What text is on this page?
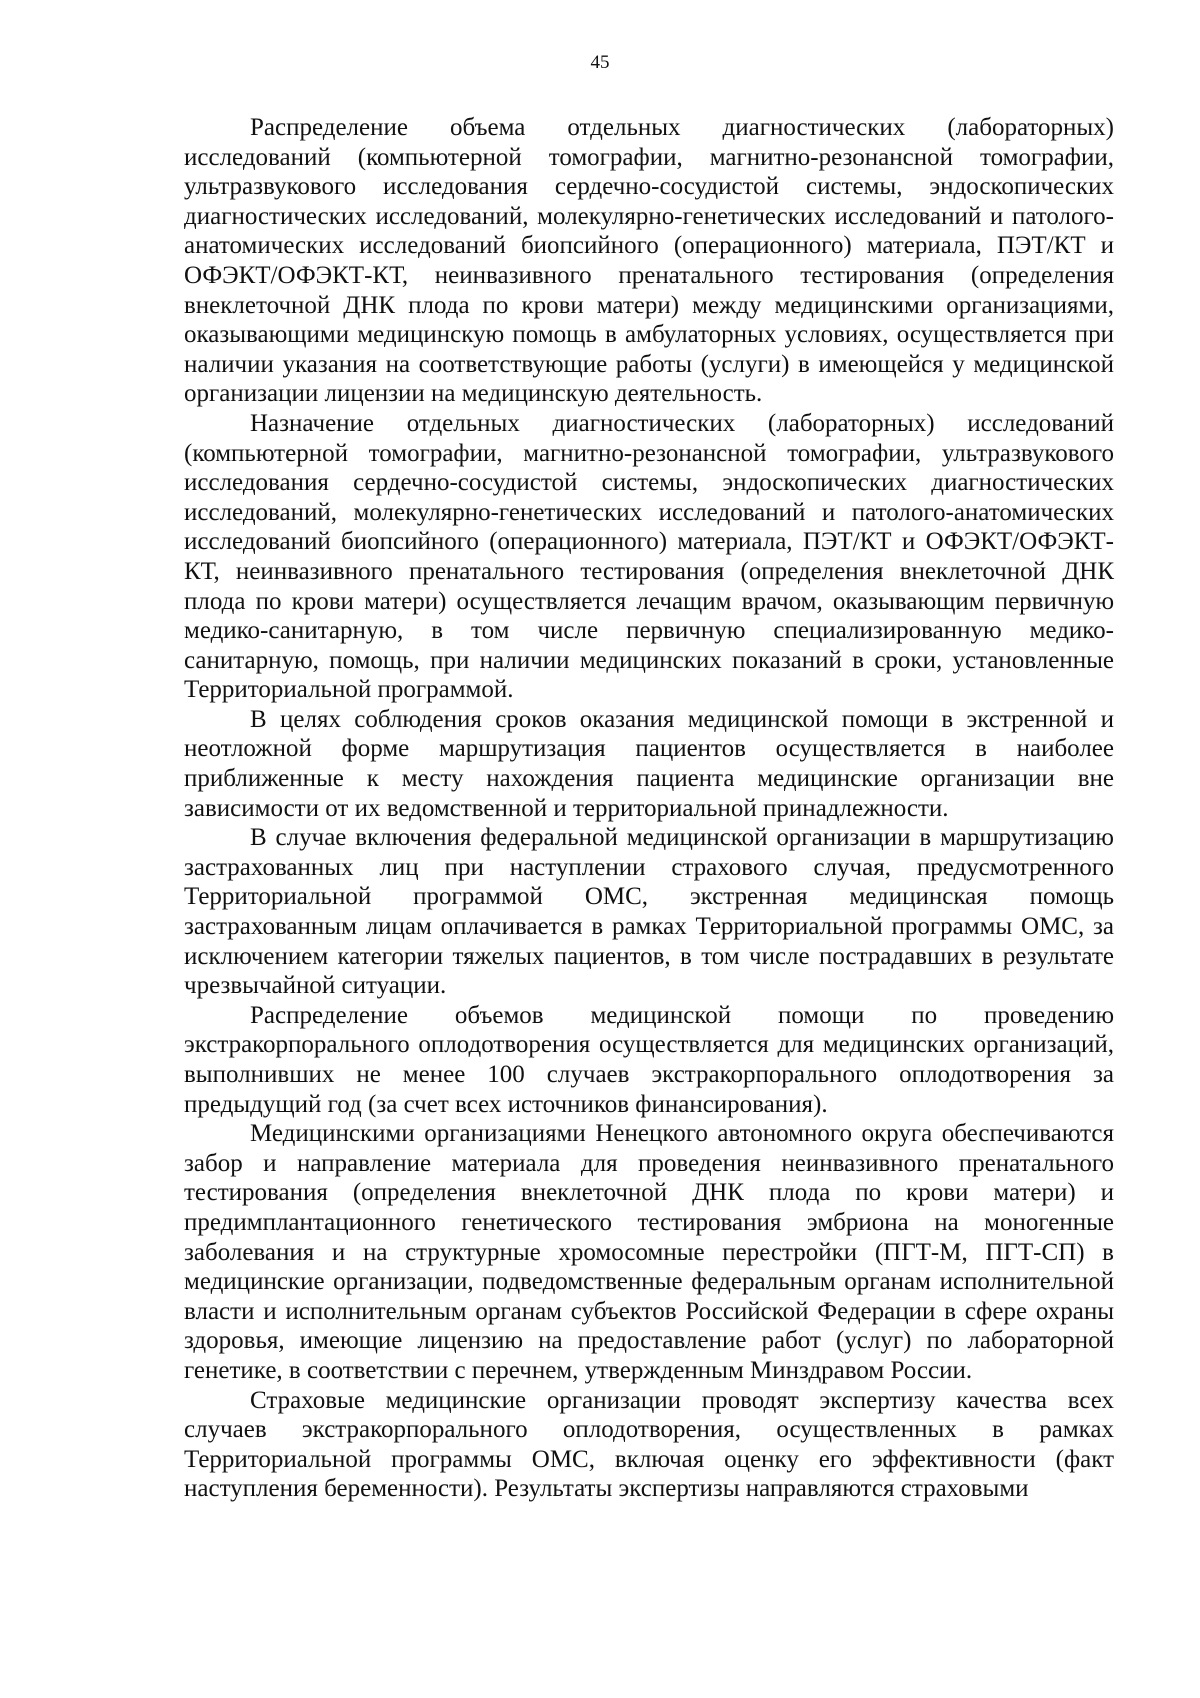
45

Распределение объема отдельных диагностических (лабораторных) исследований (компьютерной томографии, магнитно-резонансной томографии, ультразвукового исследования сердечно-сосудистой системы, эндоскопических диагностических исследований, молекулярно-генетических исследований и патолого-анатомических исследований биопсийного (операционного) материала, ПЭТ/КТ и ОФЭКТ/ОФЭКТ-КТ, неинвазивного пренатального тестирования (определения внеклеточной ДНК плода по крови матери) между медицинскими организациями, оказывающими медицинскую помощь в амбулаторных условиях, осуществляется при наличии указания на соответствующие работы (услуги) в имеющейся у медицинской организации лицензии на медицинскую деятельность.

Назначение отдельных диагностических (лабораторных) исследований (компьютерной томографии, магнитно-резонансной томографии, ультразвукового исследования сердечно-сосудистой системы, эндоскопических диагностических исследований, молекулярно-генетических исследований и патолого-анатомических исследований биопсийного (операционного) материала, ПЭТ/КТ и ОФЭКТ/ОФЭКТ-КТ, неинвазивного пренатального тестирования (определения внеклеточной ДНК плода по крови матери) осуществляется лечащим врачом, оказывающим первичную медико-санитарную, в том числе первичную специализированную медико-санитарную, помощь, при наличии медицинских показаний в сроки, установленные Территориальной программой.

В целях соблюдения сроков оказания медицинской помощи в экстренной и неотложной форме маршрутизация пациентов осуществляется в наиболее приближенные к месту нахождения пациента медицинские организации вне зависимости от их ведомственной и территориальной принадлежности.

В случае включения федеральной медицинской организации в маршрутизацию застрахованных лиц при наступлении страхового случая, предусмотренного Территориальной программой ОМС, экстренная медицинская помощь застрахованным лицам оплачивается в рамках Территориальной программы ОМС, за исключением категории тяжелых пациентов, в том числе пострадавших в результате чрезвычайной ситуации.

Распределение объемов медицинской помощи по проведению экстракорпорального оплодотворения осуществляется для медицинских организаций, выполнивших не менее 100 случаев экстракорпорального оплодотворения за предыдущий год (за счет всех источников финансирования).

Медицинскими организациями Ненецкого автономного округа обеспечиваются забор и направление материала для проведения неинвазивного пренатального тестирования (определения внеклеточной ДНК плода по крови матери) и предимплантационного генетического тестирования эмбриона на моногенные заболевания и на структурные хромосомные перестройки (ПГТ-М, ПГТ-СП) в медицинские организации, подведомственные федеральным органам исполнительной власти и исполнительным органам субъектов Российской Федерации в сфере охраны здоровья, имеющие лицензию на предоставление работ (услуг) по лабораторной генетике, в соответствии с перечнем, утвержденным Минздравом России.

Страховые медицинские организации проводят экспертизу качества всех случаев экстракорпорального оплодотворения, осуществленных в рамках Территориальной программы ОМС, включая оценку его эффективности (факт наступления беременности). Результаты экспертизы направляются страховыми
